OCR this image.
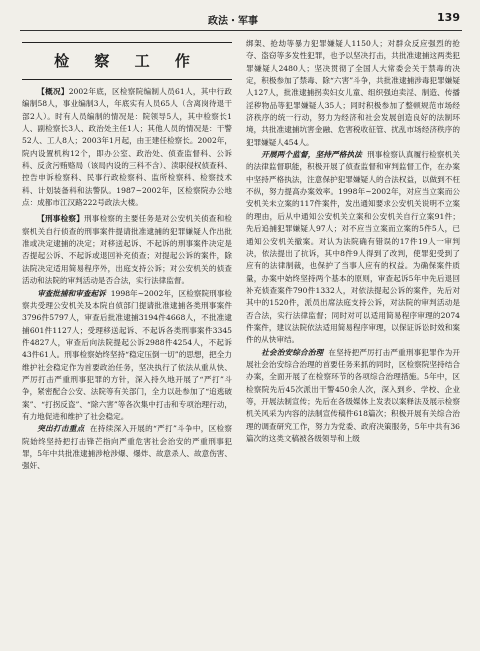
政法・军事	139
检 察 工 作

【概况】2002年底，区检察院编制人员61人，其中行政编制58人，事业编制3人，年底实有人员65人（含离岗待退干部2人）。时有人员编制的情况是：院领导5人，其中检察长1人、副检察长3人、政治处主任1人；其他人员的情况是：干警52人、工人8人；2003年1月起，由王建任检察长。2002年，院内设置机构12个，即办公室、政治处、侦查监督科、公诉科、反贪污贿赂局（该局内设的三科不含）、渎职侵权侦查科、控告申诉检察科、民事行政检察科、监所检察科、检察技术科、计划装备科和法警队。1987~2002年，区检察院办公地点：成都市江汉路222号政法大楼。

【刑事检察】刑事检察的主要任务是对公安机关侦查和检察机关自行侦查的刑事案件提请批准逮捕的犯罪嫌疑人作出批准或决定逮捕的决定；对移送起诉、不起诉的刑事案件决定是否提起公诉、不起诉或退回补充侦查；对提起公诉的案件，除法院决定适用简易程序外，出庭支持公诉；对公安机关的侦查活动和法院的审判活动是否合法，实行法律监督。

审查批捕和审查起诉 1998年~2002年，区检察院刑事检察共受理公安机关及本院自侦部门提请批准逮捕各类刑事案件3796件5797人，审查后批准逮捕3194件4668人，不批准逮捕601件1127人；受理移送起诉、不起诉各类刑事案件3345件4827人，审查后向法院提起公诉2988件4254人，不起诉43件61人。刑事检察始终坚持“稳定压倒一切”的思想，把全力维护社会稳定作为首要政治任务，坚决执行了依法从重从快、严厉打击严重刑事犯罪的方针，深入持久地开展了“严打”斗争，紧密配合公安、法院等有关部门，全力以赴参加了“追逃破案”、“打拐反盗”、“除六害”等各次集中打击和专项治理行动，有力地促进和维护了社会稳定。

突出打击重点 在持续深入开展的“严打”斗争中，区检察院始终坚持把打击锋芒指向严重危害社会治安的严重刑事犯罪，5年中共批准逮捕涉枪涉爆、爆炸、故意杀人、故意伤害、强奸、

绑架、抢劫等暴力犯罪嫌疑人1150人；对群众反应强烈的抢夺、盗窃等多发性犯罪，也予以坚决打击，共批准逮捕这两类犯罪嫌疑人2480人；坚决贯彻了全国人大常委会关于禁毒的决定，积极参加了禁毒、除“六害”斗争，共批准逮捕涉毒犯罪嫌疑人127人，批准逮捕拐卖妇女儿童、组织强迫卖淫、制造、传播淫秽物品等犯罪嫌疑人35人；同时积极参加了整顿规范市场经济秩序的统一行动，努力为经济和社会发展创造良好的法制环境，共批准逮捕坑害金融、危害税收征管、扰乱市场经济秩序的犯罪嫌疑人454人。

开展两个监督，坚持严格执法 刑事检察认真履行检察机关的法律监督职能，积极开展了侦查监督和审判监督工作，在办案中坚持严格执法，注意保护犯罪嫌疑人的合法权益，以做到不枉不纵，努力提高办案效率。1998年~2002年，对应当立案而公安机关未立案的117件案件，发出通知要求公安机关说明不立案的理由，后从中通知公安机关立案和公安机关自行立案91件；先后追捕犯罪嫌疑人97人；对不应当立案而立案的5件5人，已通知公安机关撤案。对认为法院确有错误的17件19人一审判决，依法提出了抗诉，其中8件9人得到了改判，使罪犯受到了应有的法律制裁，也保护了当事人应有的权益。为确保案件质量，办案中始终坚持两个基本的原则，审查起诉5年中先后退回补充侦查案件790件1332人，对依法提起公诉的案件，先后对其中的1520件，派员出席法庭支持公诉，对法院的审判活动是否合法，实行法律监督；同时对可以适用简易程序审理的2074件案件，建议法院依法适用简易程序审理，以保证诉讼时效和案件的从快审结。

社会治安综合治理 在坚持把严厉打击严重刑事犯罪作为开展社会治安综合治理的首要任务来抓的同时，区检察院坚持结合办案，全面开展了在检察环节的各项综合治理措施。5年中，区检察院先后45次派出干警450余人次，深入到乡、学校、企业等，开展法制宣传；先后在各级媒体上发表以案释法及展示检察机关风采为内容的法制宣传稿件618篇次；积极开展有关综合治理的调查研究工作，努力为党委、政府决策服务，5年中共有36篇次的这类文稿被各级领导和上级
